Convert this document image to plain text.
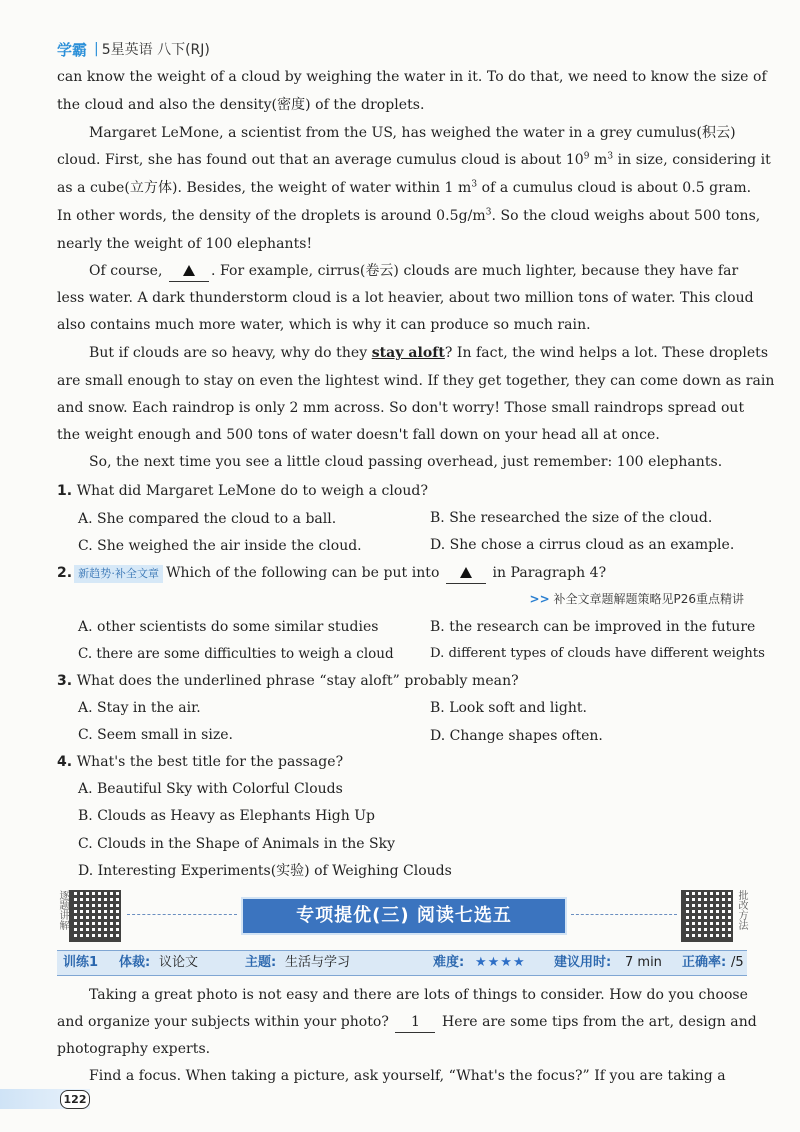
学霸 | 5星英语 八下(RJ)
can know the weight of a cloud by weighing the water in it. To do that, we need to know the size of
the cloud and also the density(密度) of the droplets.
Margaret LeMone, a scientist from the US, has weighed the water in a grey cumulus(积云)
cloud. First, she has found out that an average cumulus cloud is about $10^9$ $m^3$ in size, considering it
as a cube(立方体). Besides, the weight of water within 1 $m^3$ of a cumulus cloud is about 0.5 gram.
In other words, the density of the droplets is around $0.5g/m^3$. So the cloud weighs about 500 tons,
nearly the weight of 100 elephants!
Of course,	. For example, cirrus(卷云) clouds are much lighter, because they have far
less water. A dark thunderstorm cloud is a lot heavier, about two million tons of water. This cloud
also contains much more water, which is why it can produce so much rain.
But if clouds are so heavy, why do they stay aloft? In fact, the wind helps a lot. These droplets
are small enough to stay on even the lightest wind. If they get together, they can come down as rain
and snow. Each raindrop is only 2 mm across. So don't worry! Those small raindrops spread out
the weight enough and 500 tons of water doesn't fall down on your head all at once.
So, the next time you see a little cloud passing overhead, just remember: 100 elephants.
1. What did Margaret LeMone do to weigh a cloud?
A. She compared the cloud to a ball.	B. She researched the size of the cloud.
C. She weighed the air inside the cloud.	D. She chose a cirrus cloud as an example.
2. 新趋势·补全文章 Which of the following can be put into	in Paragraph 4?
>> 补全文章题解题策略见P26重点精讲
A. other scientists do some similar studies	B. the research can be improved in the future
C. there are some difficulties to weigh a cloud	D. different types of clouds have different weights
3. What does the underlined phrase “stay aloft” probably mean?
A. Stay in the air.	B. Look soft and light.
C. Seem small in size.	D. Change shapes often.
4. What's the best title for the passage?
A. Beautiful Sky with Colorful Clouds
B. Clouds as Heavy as Elephants High Up
C. Clouds in the Shape of Animals in the Sky
D. Interesting Experiments(实验) of Weighing Clouds
逐题讲解	专项提优(三) 阅读七选五	批改方法
训练1 体裁: 议论文	主题: 生活与学习	难度: ★★★★ 建议用时: 7 min 正确率: /5
Taking a great photo is not easy and there are lots of things to consider. How do you choose
and organize your subjects within your photo? 1 Here are some tips from the art, design and
photography experts.
Find a focus. When taking a picture, ask yourself, “What's the focus?” If you are taking a
122
